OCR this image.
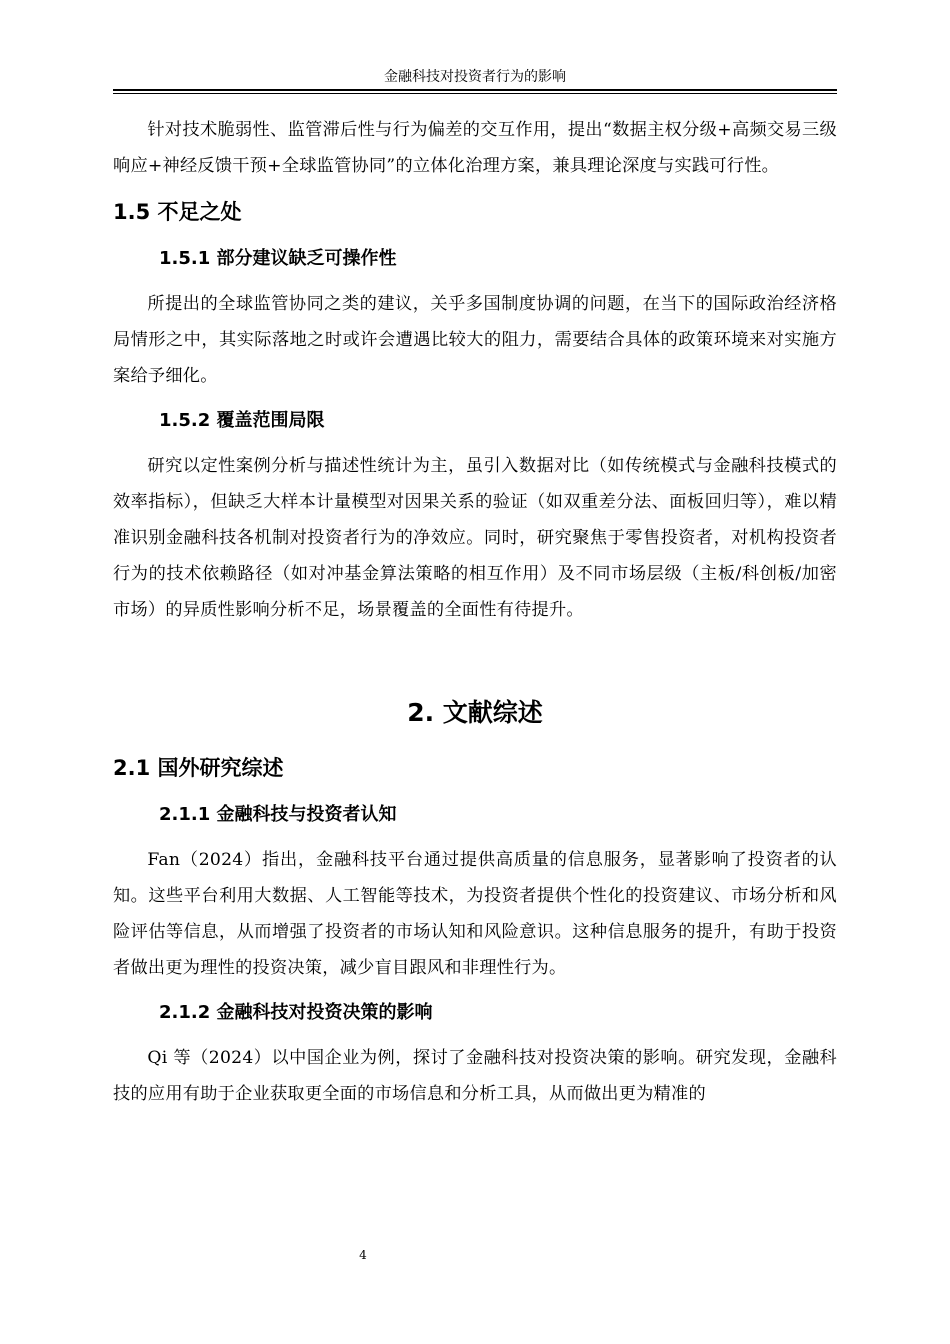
金融科技对投资者行为的影响

针对技术脆弱性、监管滞后性与行为偏差的交互作用，提出“数据主权分级+高频交易三级响应+神经反馈干预+全球监管协同”的立体化治理方案，兼具理论深度与实践可行性。

1.5 不足之处
1.5.1 部分建议缺乏可操作性

所提出的全球监管协同之类的建议，关乎多国制度协调的问题，在当下的国际政治经济格局情形之中，其实际落地之时或许会遭遇比较大的阻力，需要结合具体的政策环境来对实施方案给予细化。

1.5.2 覆盖范围局限

研究以定性案例分析与描述性统计为主，虽引入数据对比（如传统模式与金融科技模式的效率指标），但缺乏大样本计量模型对因果关系的验证（如双重差分法、面板回归等），难以精准识别金融科技各机制对投资者行为的净效应。同时，研究聚焦于零售投资者，对机构投资者行为的技术依赖路径（如对冲基金算法策略的相互作用）及不同市场层级（主板/科创板/加密市场）的异质性影响分析不足，场景覆盖的全面性有待提升。

2. 文献综述
2.1 国外研究综述
2.1.1 金融科技与投资者认知

Fan（2024）指出，金融科技平台通过提供高质量的信息服务，显著影响了投资者的认知。这些平台利用大数据、人工智能等技术，为投资者提供个性化的投资建议、市场分析和风险评估等信息，从而增强了投资者的市场认知和风险意识。这种信息服务的提升，有助于投资者做出更为理性的投资决策，减少盲目跟风和非理性行为。

2.1.2 金融科技对投资决策的影响

Qi 等（2024）以中国企业为例，探讨了金融科技对投资决策的影响。研究发现，金融科技的应用有助于企业获取更全面的市场信息和分析工具，从而做出更为精准的

4
